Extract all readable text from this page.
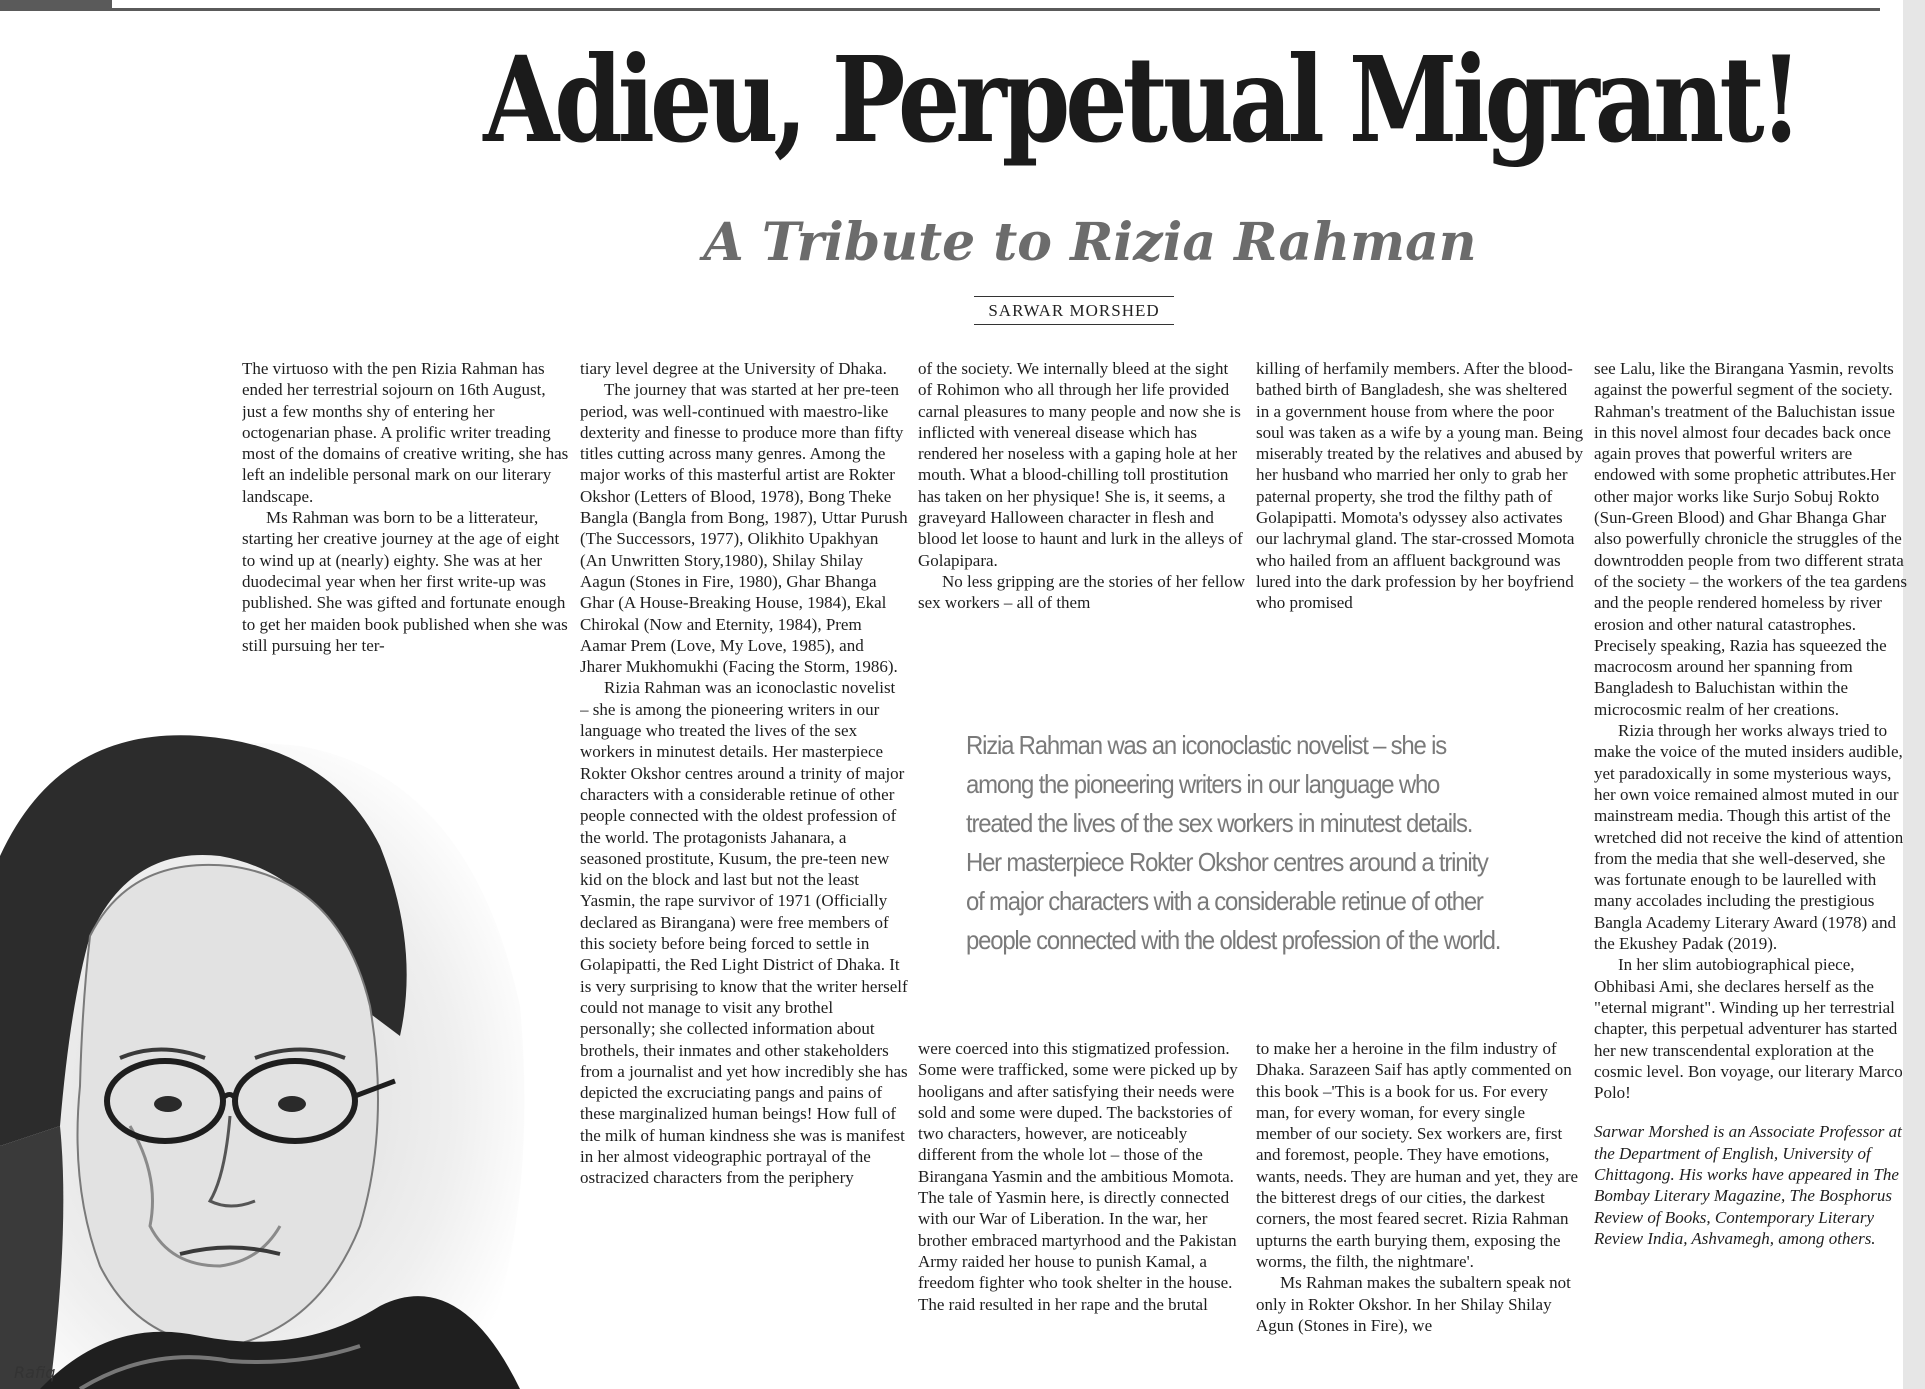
Adieu, Perpetual Migrant!
A Tribute to Rizia Rahman
SARWAR MORSHED

The virtuoso with the pen Rizia Rahman has ended her terrestrial sojourn on 16th August, just a few months shy of entering her octogenarian phase. A prolific writer treading most of the domains of creative writing, she has left an indelible personal mark on our literary landscape.

Ms Rahman was born to be a litterateur, starting her creative journey at the age of eight to wind up at (nearly) eighty. She was at her duodecimal year when her first write-up was published. She was gifted and fortunate enough to get her maiden book published when she was still pursuing her ter-

tiary level degree at the University of Dhaka.

The journey that was started at her pre-teen period, was well-continued with maestro-like dexterity and finesse to produce more than fifty titles cutting across many genres. Among the major works of this masterful artist are Rokter Okshor (Letters of Blood, 1978), Bong Theke Bangla (Bangla from Bong, 1987), Uttar Purush (The Successors, 1977), Olikhito Upakhyan (An Unwritten Story,1980), Shilay Shilay Aagun (Stones in Fire, 1980), Ghar Bhanga Ghar (A House-Breaking House, 1984), Ekal Chirokal (Now and Eternity, 1984), Prem Aamar Prem (Love, My Love, 1985), and Jharer Mukhomukhi (Facing the Storm, 1986).

Rizia Rahman was an iconoclastic novelist – she is among the pioneering writers in our language who treated the lives of the sex workers in minutest details. Her masterpiece Rokter Okshor centres around a trinity of major characters with a considerable retinue of other people connected with the oldest profession of the world. The protagonists Jahanara, a seasoned prostitute, Kusum, the pre-teen new kid on the block and last but not the least Yasmin, the rape survivor of 1971 (Officially declared as Birangana) were free members of this society before being forced to settle in Golapipatti, the Red Light District of Dhaka. It is very surprising to know that the writer herself could not manage to visit any brothel personally; she collected information about brothels, their inmates and other stakeholders from a journalist and yet how incredibly she has depicted the excruciating pangs and pains of these marginalized human beings! How full of the milk of human kindness she was is manifest in her almost videographic portrayal of the ostracized characters from the periphery

of the society. We internally bleed at the sight of Rohimon who all through her life provided carnal pleasures to many people and now she is inflicted with venereal disease which has rendered her noseless with a gaping hole at her mouth. What a blood-chilling toll prostitution has taken on her physique! She is, it seems, a graveyard Halloween character in flesh and blood let loose to haunt and lurk in the alleys of Golapipara.

No less gripping are the stories of her fellow sex workers – all of them

killing of herfamily members. After the blood-bathed birth of Bangladesh, she was sheltered in a government house from where the poor soul was taken as a wife by a young man. Being miserably treated by the relatives and abused by her husband who married her only to grab her paternal property, she trod the filthy path of Golapipatti. Momota's odyssey also activates our lachrymal gland. The star-crossed Momota who hailed from an affluent background was lured into the dark profession by her boyfriend who promised

Rizia Rahman was an iconoclastic novelist – she is among the pioneering writers in our language who treated the lives of the sex workers in minutest details. Her masterpiece Rokter Okshor centres around a trinity of major characters with a considerable retinue of other people connected with the oldest profession of the world.

were coerced into this stigmatized profession. Some were trafficked, some were picked up by hooligans and after satisfying their needs were sold and some were duped. The backstories of two characters, however, are noticeably different from the whole lot – those of the Birangana Yasmin and the ambitious Momota. The tale of Yasmin here, is directly connected with our War of Liberation. In the war, her brother embraced martyrhood and the Pakistan Army raided her house to punish Kamal, a freedom fighter who took shelter in the house. The raid resulted in her rape and the brutal

to make her a heroine in the film industry of Dhaka. Sarazeen Saif has aptly commented on this book –'This is a book for us. For every man, for every woman, for every single member of our society. Sex workers are, first and foremost, people. They have emotions, wants, needs. They are human and yet, they are the bitterest dregs of our cities, the darkest corners, the most feared secret. Rizia Rahman upturns the earth burying them, exposing the worms, the filth, the nightmare'.

Ms Rahman makes the subaltern speak not only in Rokter Okshor. In her Shilay Shilay Agun (Stones in Fire), we

see Lalu, like the Birangana Yasmin, revolts against the powerful segment of the society. Rahman's treatment of the Baluchistan issue in this novel almost four decades back once again proves that powerful writers are endowed with some prophetic attributes.Her other major works like Surjo Sobuj Rokto (Sun-Green Blood) and Ghar Bhanga Ghar also powerfully chronicle the struggles of the downtrodden people from two different strata of the society – the workers of the tea gardens and the people rendered homeless by river erosion and other natural catastrophes. Precisely speaking, Razia has squeezed the macrocosm around her spanning from Bangladesh to Baluchistan within the microcosmic realm of her creations.

Rizia through her works always tried to make the voice of the muted insiders audible, yet paradoxically in some mysterious ways, her own voice remained almost muted in our mainstream media. Though this artist of the wretched did not receive the kind of attention from the media that she well-deserved, she was fortunate enough to be laurelled with many accolades including the prestigious Bangla Academy Literary Award (1978) and the Ekushey Padak (2019).

In her slim autobiographical piece, Obhibasi Ami, she declares herself as the "eternal migrant". Winding up her terrestrial chapter, this perpetual adventurer has started her new transcendental exploration at the cosmic level. Bon voyage, our literary Marco Polo!

Sarwar Morshed is an Associate Professor at the Department of English, University of Chittagong. His works have appeared in The Bombay Literary Magazine, The Bosphorus Review of Books, Contemporary Literary Review India, Ashvamegh, among others.

Rafiq
